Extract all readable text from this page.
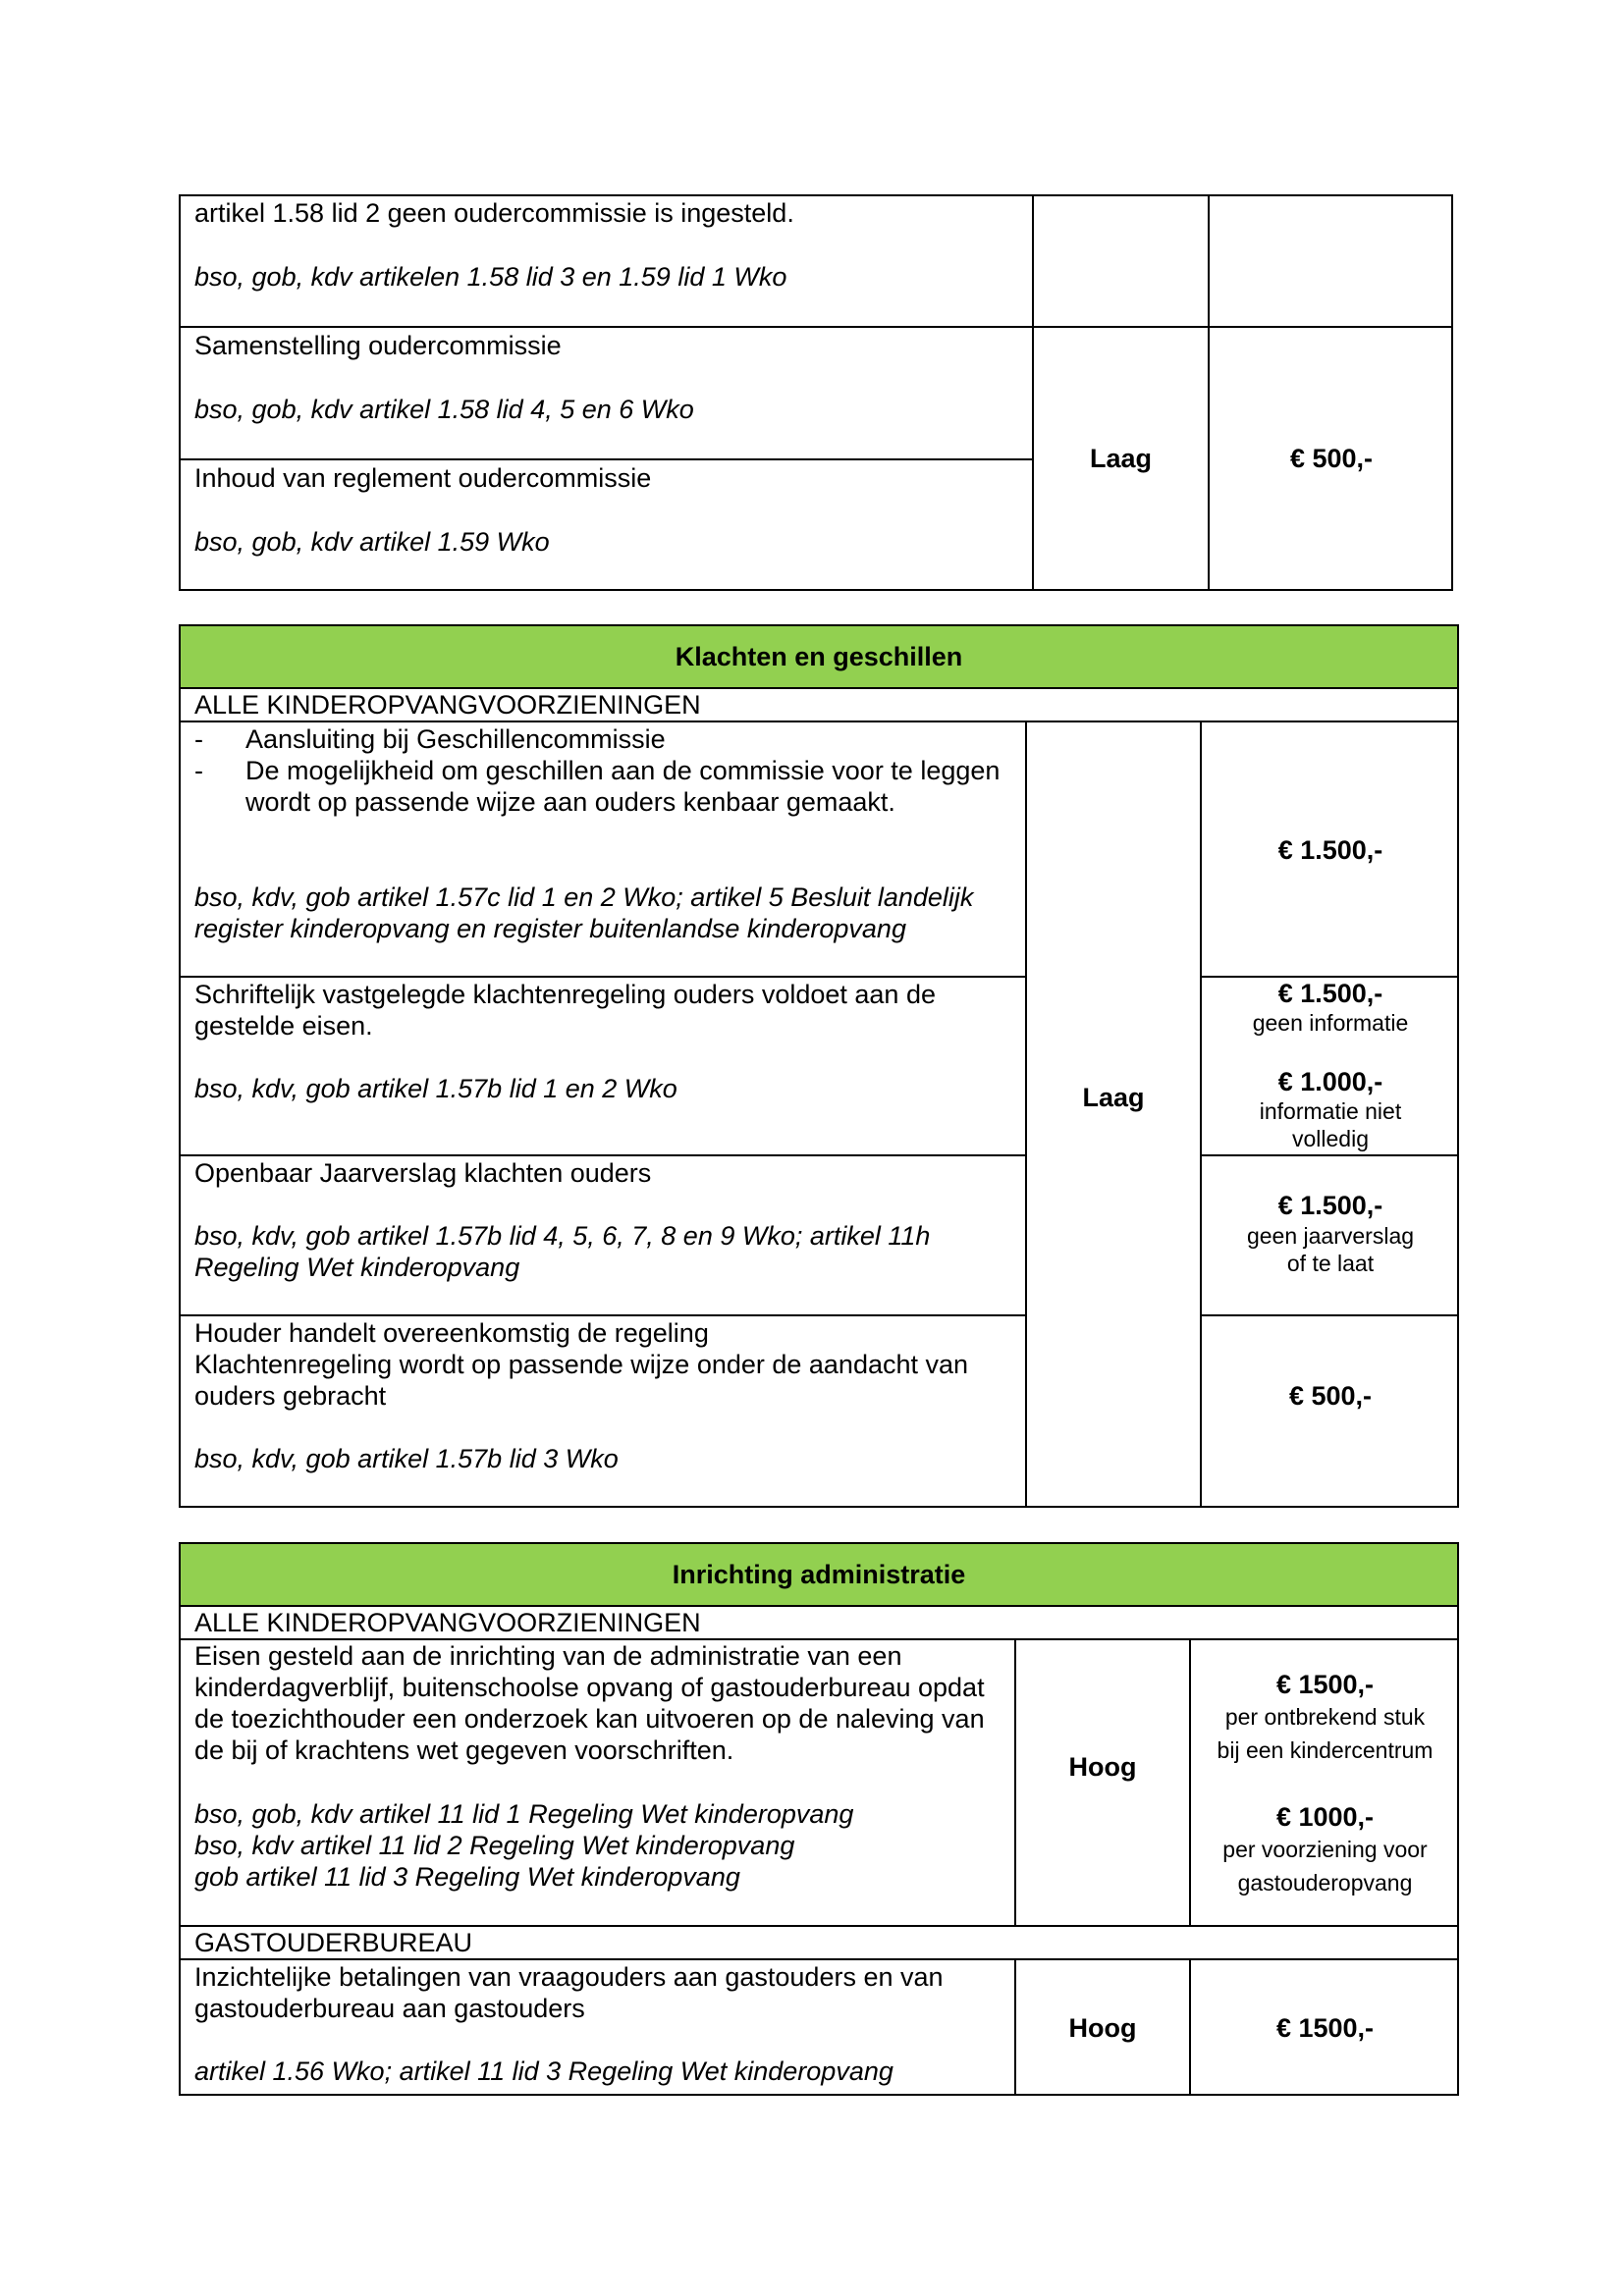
artikel 1.58 lid 2 geen oudercommissie is ingesteld.
bso, gob, kdv artikelen 1.58 lid 3 en 1.59 lid 1 Wko
Samenstelling oudercommissie
bso, gob, kdv artikel 1.58 lid 4, 5 en 6 Wko
Inhoud van reglement oudercommissie
bso, gob, kdv artikel 1.59 Wko
Laag	€ 500,-
Klachten en geschillen
ALLE KINDEROPVANGVOORZIENINGEN
- Aansluiting bij Geschillencommissie
- De mogelijkheid om geschillen aan de commissie voor te leggen wordt op passende wijze aan ouders kenbaar gemaakt.
bso, kdv, gob artikel 1.57c lid 1 en 2 Wko; artikel 5 Besluit landelijk register kinderopvang en register buitenlandse kinderopvang
€ 1.500,-
Schriftelijk vastgelegde klachtenregeling ouders voldoet aan de gestelde eisen.
bso, kdv, gob artikel 1.57b lid 1 en 2 Wko
€ 1.500,-
geen informatie
€ 1.000,-
informatie niet
volledig
Laag
Openbaar Jaarverslag klachten ouders
bso, kdv, gob artikel 1.57b lid 4, 5, 6, 7, 8 en 9 Wko; artikel 11h Regeling Wet kinderopvang
€ 1.500,-
geen jaarverslag
of te laat
Houder handelt overeenkomstig de regeling
Klachtenregeling wordt op passende wijze onder de aandacht van ouders gebracht
bso, kdv, gob artikel 1.57b lid 3 Wko
€ 500,-
Inrichting administratie
ALLE KINDEROPVANGVOORZIENINGEN
Eisen gesteld aan de inrichting van de administratie van een kinderdagverblijf, buitenschoolse opvang of gastouderbureau opdat de toezichthouder een onderzoek kan uitvoeren op de naleving van de bij of krachtens wet gegeven voorschriften.
bso, gob, kdv artikel 11 lid 1 Regeling Wet kinderopvang
bso, kdv artikel 11 lid 2 Regeling Wet kinderopvang
gob artikel 11 lid 3 Regeling Wet kinderopvang
Hoog
€ 1500,-
per ontbrekend stuk
bij een kindercentrum
€ 1000,-
per voorziening voor
gastouderopvang
GASTOUDERBUREAU
Inzichtelijke betalingen van vraagouders aan gastouders en van gastouderbureau aan gastouders
artikel 1.56 Wko; artikel 11 lid 3 Regeling Wet kinderopvang
Hoog	€ 1500,-
